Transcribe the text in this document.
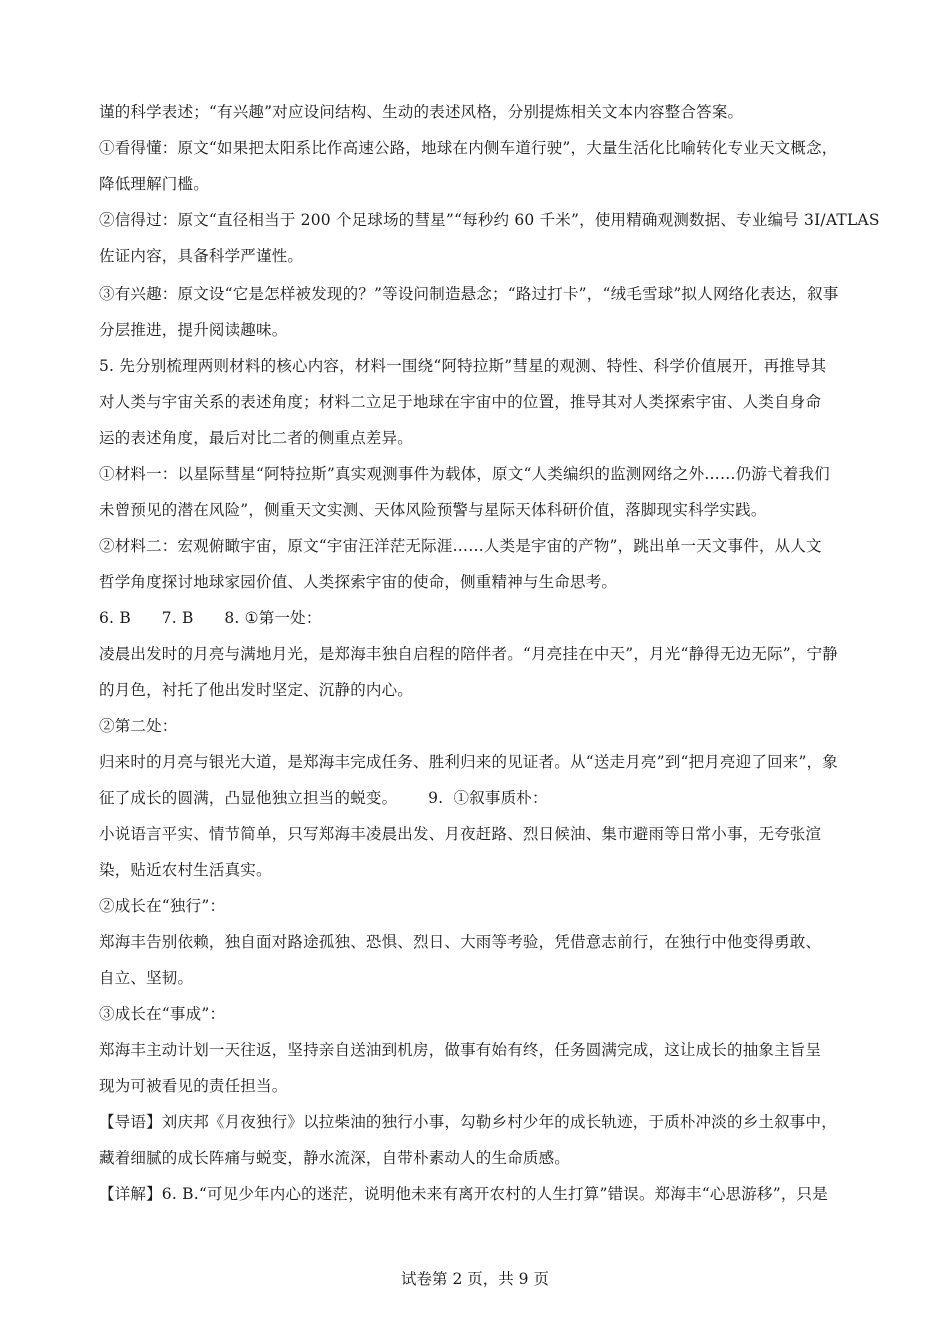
谨的科学表述；“有兴趣”对应设问结构、生动的表述风格，分别提炼相关文本内容整合答案。
①看得懂：原文“如果把太阳系比作高速公路，地球在内侧车道行驶”，大量生活化比喻转化专业天文概念，
降低理解门槛。
②信得过：原文“直径相当于 200 个足球场的彗星”“每秒约 60 千米”，使用精确观测数据、专业编号 3I/ATLAS
佐证内容，具备科学严谨性。
③有兴趣：原文设“它是怎样被发现的？”等设问制造悬念；“路过打卡”，“绒毛雪球”拟人网络化表达，叙事
分层推进，提升阅读趣味。
5. 先分别梳理两则材料的核心内容，材料一围绕“阿特拉斯”彗星的观测、特性、科学价值展开，再推导其
对人类与宇宙关系的表述角度；材料二立足于地球在宇宙中的位置，推导其对人类探索宇宙、人类自身命
运的表述角度，最后对比二者的侧重点差异。
①材料一：以星际彗星“阿特拉斯”真实观测事件为载体，原文“人类编织的监测网络之外……仍游弋着我们
未曾预见的潜在风险”，侧重天文实测、天体风险预警与星际天体科研价值，落脚现实科学实践。
②材料二：宏观俯瞰宇宙，原文“宇宙汪洋茫无际涯……人类是宇宙的产物”，跳出单一天文事件，从人文
哲学角度探讨地球家园价值、人类探索宇宙的使命，侧重精神与生命思考。
6. B      7. B      8. ①第一处：
凌晨出发时的月亮与满地月光，是郑海丰独自启程的陪伴者。“月亮挂在中天”，月光“静得无边无际”，宁静
的月色，衬托了他出发时坚定、沉静的内心。
②第二处：
归来时的月亮与银光大道，是郑海丰完成任务、胜利归来的见证者。从“送走月亮”到“把月亮迎了回来”，象
征了成长的圆满，凸显他独立担当的蜕变。      9.  ①叙事质朴：
小说语言平实、情节简单，只写郑海丰凌晨出发、月夜赶路、烈日候油、集市避雨等日常小事，无夸张渲
染，贴近农村生活真实。
②成长在“独行”：
郑海丰告别依赖，独自面对路途孤独、恐惧、烈日、大雨等考验，凭借意志前行，在独行中他变得勇敢、
自立、坚韧。
③成长在“事成”：
郑海丰主动计划一天往返，坚持亲自送油到机房，做事有始有终，任务圆满完成，这让成长的抽象主旨呈
现为可被看见的责任担当。
【导语】刘庆邦《月夜独行》以拉柴油的独行小事，勾勒乡村少年的成长轨迹，于质朴冲淡的乡土叙事中，
藏着细腻的成长阵痛与蜕变，静水流深，自带朴素动人的生命质感。
【详解】6. B.“可见少年内心的迷茫，说明他未来有离开农村的人生打算”错误。郑海丰“心思游移”，只是
试卷第 2 页，共 9 页
